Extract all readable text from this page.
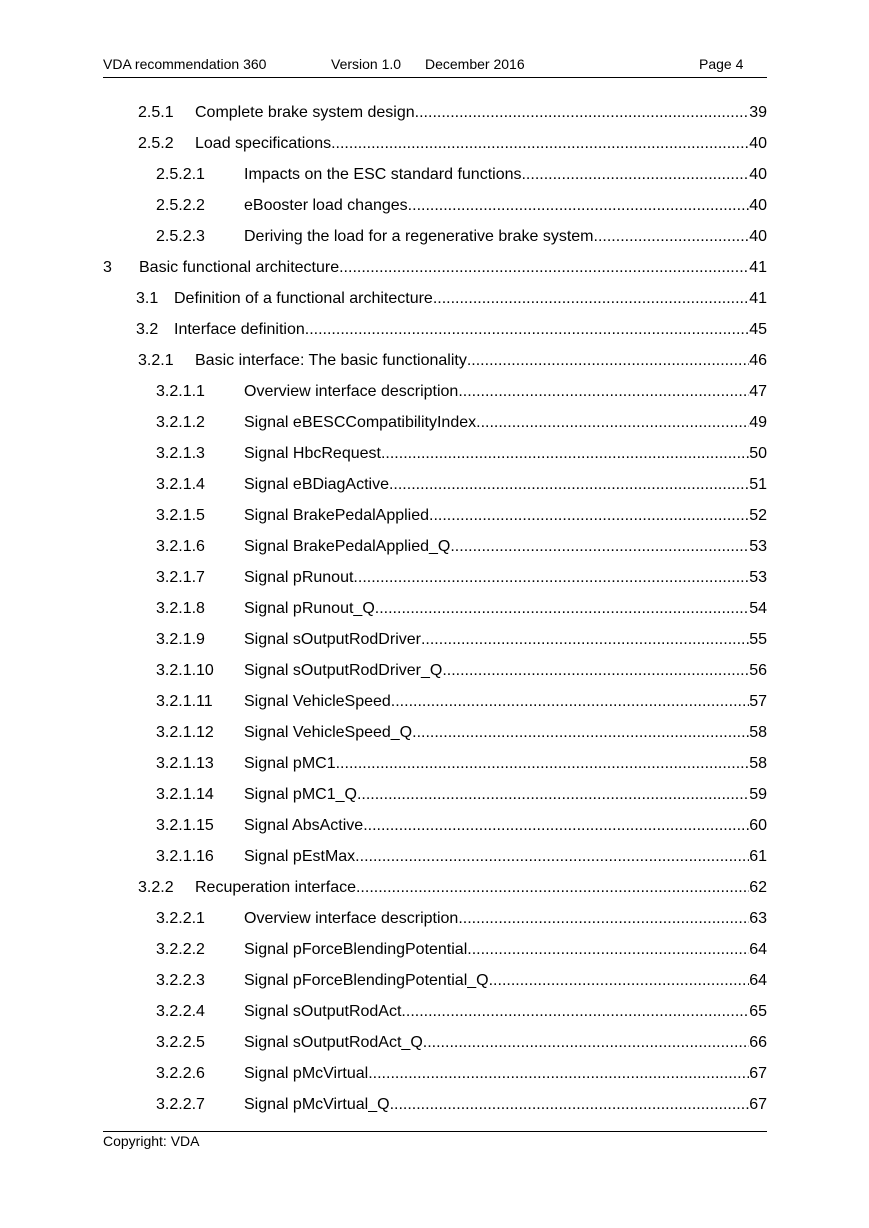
VDA recommendation 360	Version 1.0 December 2016	Page 4
2.5.1	Complete brake system design .....	39
2.5.2	Load specifications .....	40
2.5.2.1	Impacts on the ESC standard functions .....	40
2.5.2.2	eBooster load changes .....	40
2.5.2.3	Deriving the load for a regenerative brake system .....	40
3	Basic functional architecture .....	41
3.1 Definition of a functional architecture .....	41
3.2 Interface definition .....	45
3.2.1	Basic interface: The basic functionality .....	46
3.2.1.1	Overview interface description .....	47
3.2.1.2	Signal eBESCCompatibilityIndex .....	49
3.2.1.3	Signal HbcRequest .....	50
3.2.1.4	Signal eBDiagActive .....	51
3.2.1.5	Signal BrakePedalApplied .....	52
3.2.1.6	Signal BrakePedalApplied_Q .....	53
3.2.1.7	Signal pRunout .....	53
3.2.1.8	Signal pRunout_Q .....	54
3.2.1.9	Signal sOutputRodDriver .....	55
3.2.1.10	Signal sOutputRodDriver_Q .....	56
3.2.1.11	Signal VehicleSpeed .....	57
3.2.1.12	Signal VehicleSpeed_Q .....	58
3.2.1.13	Signal pMC1 .....	58
3.2.1.14	Signal pMC1_Q .....	59
3.2.1.15	Signal AbsActive .....	60
3.2.1.16	Signal pEstMax .....	61
3.2.2	Recuperation interface .....	62
3.2.2.1	Overview interface description .....	63
3.2.2.2	Signal pForceBlendingPotential .....	64
3.2.2.3	Signal pForceBlendingPotential_Q .....	64
3.2.2.4	Signal sOutputRodAct .....	65
3.2.2.5	Signal sOutputRodAct_Q .....	66
3.2.2.6	Signal pMcVirtual .....	67
3.2.2.7	Signal pMcVirtual_Q .....	67
Copyright: VDA
